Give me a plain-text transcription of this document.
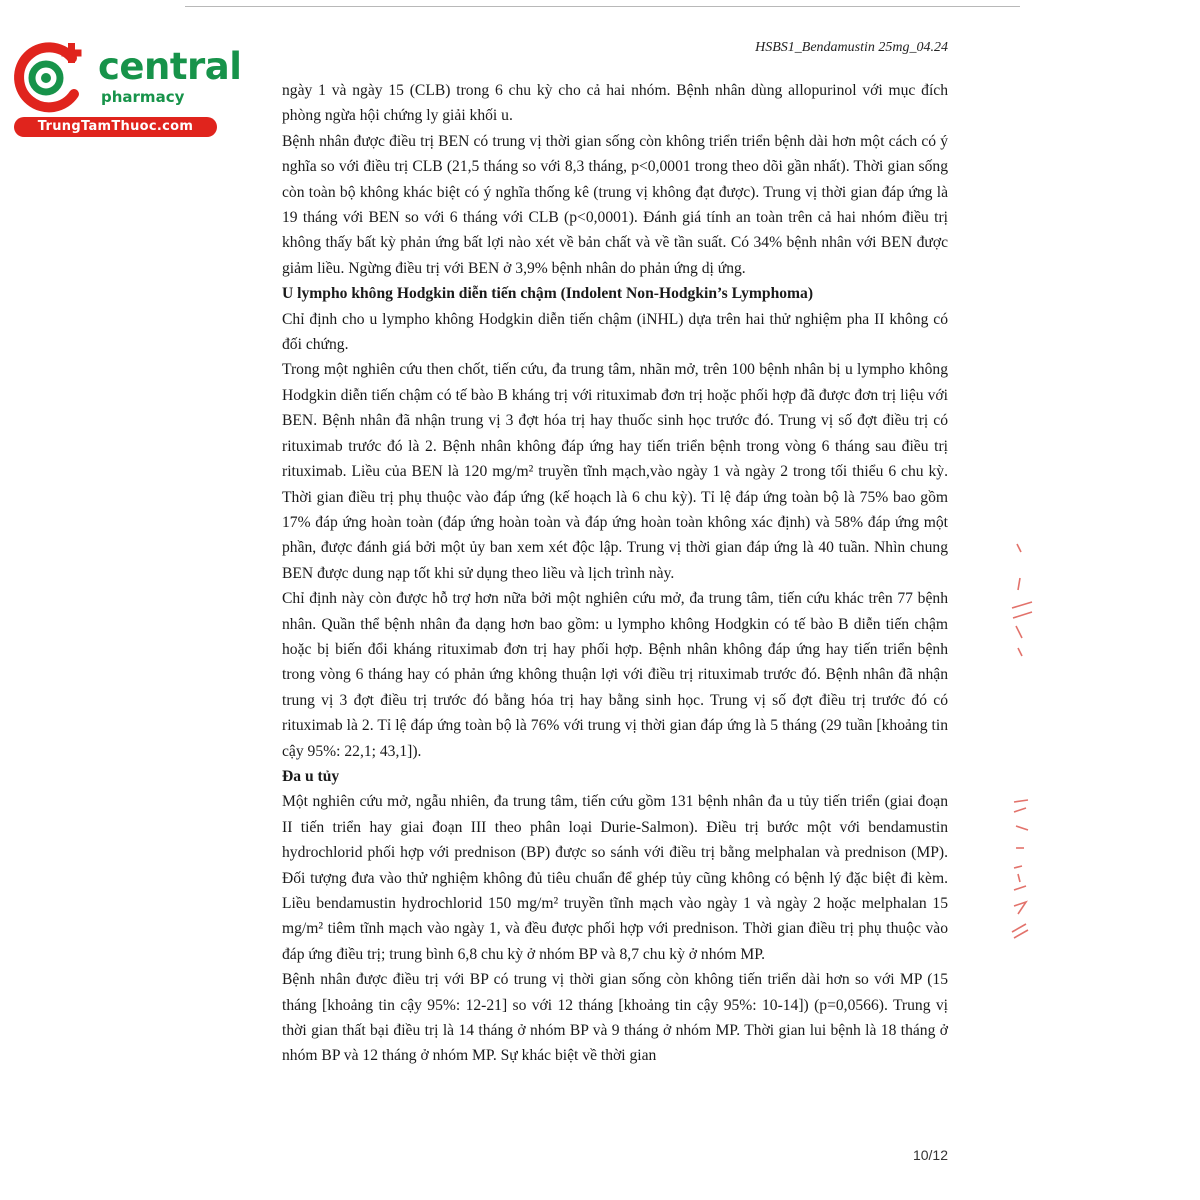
central
pharmacy
TrungTamThuoc.com
HSBS1_Bendamustin 25mg_04.24

ngày 1 và ngày 15 (CLB) trong 6 chu kỳ cho cả hai nhóm. Bệnh nhân dùng allopurinol với mục đích phòng ngừa hội chứng ly giải khối u.

Bệnh nhân được điều trị BEN có trung vị thời gian sống còn không triển triển bệnh dài hơn một cách có ý nghĩa so với điều trị CLB (21,5 tháng so với 8,3 tháng, p<0,0001 trong theo dõi gần nhất). Thời gian sống còn toàn bộ không khác biệt có ý nghĩa thống kê (trung vị không đạt được). Trung vị thời gian đáp ứng là 19 tháng với BEN so với 6 tháng với CLB (p<0,0001). Đánh giá tính an toàn trên cả hai nhóm điều trị không thấy bất kỳ phản ứng bất lợi nào xét về bản chất và về tần suất. Có 34% bệnh nhân với BEN được giảm liều. Ngừng điều trị với BEN ở 3,9% bệnh nhân do phản ứng dị ứng.

U lympho không Hodgkin diễn tiến chậm (Indolent Non-Hodgkin’s Lymphoma)

Chỉ định cho u lympho không Hodgkin diễn tiến chậm (iNHL) dựa trên hai thử nghiệm pha II không có đối chứng.

Trong một nghiên cứu then chốt, tiến cứu, đa trung tâm, nhãn mở, trên 100 bệnh nhân bị u lympho không Hodgkin diễn tiến chậm có tế bào B kháng trị với rituximab đơn trị hoặc phối hợp đã được đơn trị liệu với BEN. Bệnh nhân đã nhận trung vị 3 đợt hóa trị hay thuốc sinh học trước đó. Trung vị số đợt điều trị có rituximab trước đó là 2. Bệnh nhân không đáp ứng hay tiến triển bệnh trong vòng 6 tháng sau điều trị rituximab. Liều của BEN là 120 mg/m² truyền tĩnh mạch,vào ngày 1 và ngày 2 trong tối thiểu 6 chu kỳ. Thời gian điều trị phụ thuộc vào đáp ứng (kế hoạch là 6 chu kỳ). Tỉ lệ đáp ứng toàn bộ là 75% bao gồm 17% đáp ứng hoàn toàn (đáp ứng hoàn toàn và đáp ứng hoàn toàn không xác định) và 58% đáp ứng một phần, được đánh giá bởi một ủy ban xem xét độc lập. Trung vị thời gian đáp ứng là 40 tuần. Nhìn chung BEN được dung nạp tốt khi sử dụng theo liều và lịch trình này.

Chỉ định này còn được hỗ trợ hơn nữa bởi một nghiên cứu mở, đa trung tâm, tiến cứu khác trên 77 bệnh nhân. Quần thể bệnh nhân đa dạng hơn bao gồm: u lympho không Hodgkin có tế bào B diễn tiến chậm hoặc bị biến đổi kháng rituximab đơn trị hay phối hợp. Bệnh nhân không đáp ứng hay tiến triển bệnh trong vòng 6 tháng hay có phản ứng không thuận lợi với điều trị rituximab trước đó. Bệnh nhân đã nhận trung vị 3 đợt điều trị trước đó bằng hóa trị hay bằng sinh học. Trung vị số đợt điều trị trước đó có rituximab là 2. Tỉ lệ đáp ứng toàn bộ là 76% với trung vị thời gian đáp ứng là 5 tháng (29 tuần [khoảng tin cậy 95%: 22,1; 43,1]).

Đa u tủy

Một nghiên cứu mở, ngẫu nhiên, đa trung tâm, tiến cứu gồm 131 bệnh nhân đa u tủy tiến triển (giai đoạn II tiến triển hay giai đoạn III theo phân loại Durie-Salmon). Điều trị bước một với bendamustin hydrochlorid phối hợp với prednison (BP) được so sánh với điều trị bằng melphalan và prednison (MP). Đối tượng đưa vào thử nghiệm không đủ tiêu chuẩn để ghép tủy cũng không có bệnh lý đặc biệt đi kèm. Liều bendamustin hydrochlorid 150 mg/m² truyền tĩnh mạch vào ngày 1 và ngày 2 hoặc melphalan 15 mg/m² tiêm tĩnh mạch vào ngày 1, và đều được phối hợp với prednison. Thời gian điều trị phụ thuộc vào đáp ứng điều trị; trung bình 6,8 chu kỳ ở nhóm BP và 8,7 chu kỳ ở nhóm MP.

Bệnh nhân được điều trị với BP có trung vị thời gian sống còn không tiến triển dài hơn so với MP (15 tháng [khoảng tin cậy 95%: 12-21] so với 12 tháng [khoảng tin cậy 95%: 10-14]) (p=0,0566). Trung vị thời gian thất bại điều trị là 14 tháng ở nhóm BP và 9 tháng ở nhóm MP. Thời gian lui bệnh là 18 tháng ở nhóm BP và 12 tháng ở nhóm MP. Sự khác biệt về thời gian

10/12
